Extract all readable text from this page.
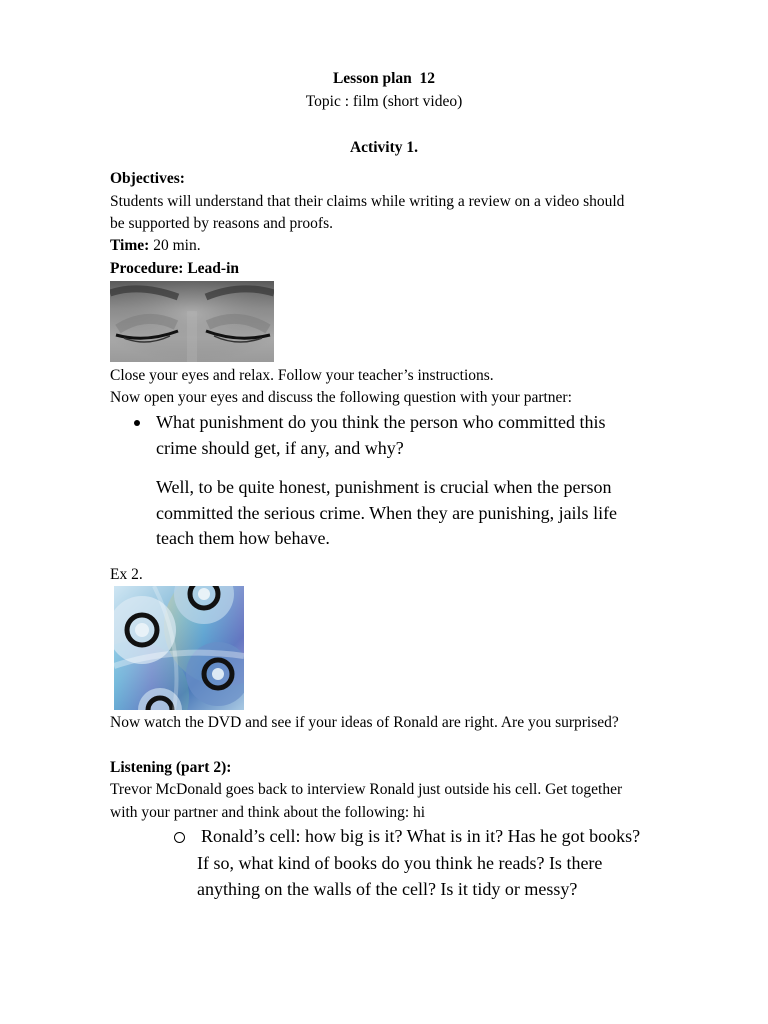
Lesson plan  12
Topic : film (short video)
Activity 1.
Objectives:
Students will understand that their claims while writing a review on a video should
be supported by reasons and proofs.
Time: 20 min.
Procedure: Lead-in
Close your eyes and relax. Follow your teacher’s instructions.
Now open your eyes and discuss the following question with your partner:
What punishment do you think the person who committed this
crime should get, if any, and why?
Well, to be quite honest, punishment is crucial when the person
committed the serious crime. When they are punishing, jails life
teach them how behave.
Ex 2.
Now watch the DVD and see if your ideas of Ronald are right. Are you surprised?
Listening (part 2):
Trevor McDonald goes back to interview Ronald just outside his cell. Get together
with your partner and think about the following: hi
Ronald’s cell: how big is it? What is in it? Has he got books?
If so, what kind of books do you think he reads? Is there
anything on the walls of the cell? Is it tidy or messy?
